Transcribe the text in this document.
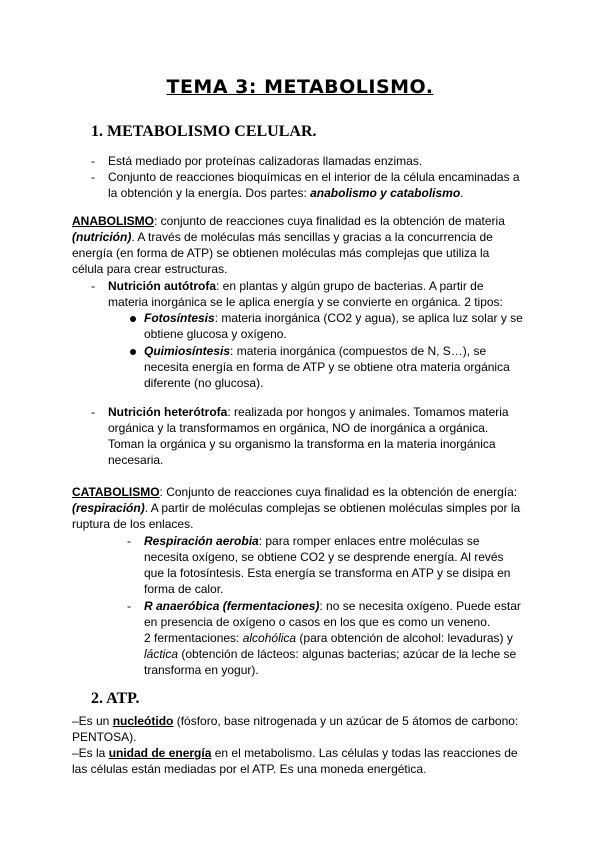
TEMA 3: METABOLISMO.
1. METABOLISMO CELULAR.
- Está mediado por proteínas calizadoras llamadas enzimas.
- Conjunto de reacciones bioquímicas en el interior de la célula encaminadas a
la obtención y la energía. Dos partes: anabolismo y catabolismo.
ANABOLISMO: conjunto de reacciones cuya finalidad es la obtención de materia
(nutrición). A través de moléculas más sencillas y gracias a la concurrencia de
energía (en forma de ATP) se obtienen moléculas más complejas que utiliza la
célula para crear estructuras.
- Nutrición autótrofa: en plantas y algún grupo de bacterias. A partir de
materia inorgánica se le aplica energía y se convierte en orgánica. 2 tipos:
Fotosíntesis: materia inorgánica (CO2 y agua), se aplica luz solar y se
obtiene glucosa y oxígeno.
Quimiosíntesis: materia inorgánica (compuestos de N, S…), se
necesita energía en forma de ATP y se obtiene otra materia orgánica
diferente (no glucosa).
- Nutrición heterótrofa: realizada por hongos y animales. Tomamos materia
orgánica y la transformamos en orgánica, NO de inorgánica a orgánica.
Toman la orgánica y su organismo la transforma en la materia inorgánica
necesaria.
CATABOLISMO: Conjunto de reacciones cuya finalidad es la obtención de energía:
(respiración). A partir de moléculas complejas se obtienen moléculas simples por la
ruptura de los enlaces.
- Respiración aerobia: para romper enlaces entre moléculas se
necesita oxígeno, se obtiene CO2 y se desprende energía. Al revés
que la fotosíntesis. Esta energía se transforma en ATP y se disipa en
forma de calor.
- R anaeróbica (fermentaciones): no se necesita oxígeno. Puede estar
en presencia de oxígeno o casos en los que es como un veneno.
2 fermentaciones: alcohólica (para obtención de alcohol: levaduras) y
láctica (obtención de lácteos: algunas bacterias; azúcar de la leche se
transforma en yogur).
2. ATP.
–Es un nucleótido (fósforo, base nitrogenada y un azúcar de 5 átomos de carbono:
PENTOSA).
–Es la unidad de energía en el metabolismo. Las células y todas las reacciones de
las células están mediadas por el ATP. Es una moneda energética.
